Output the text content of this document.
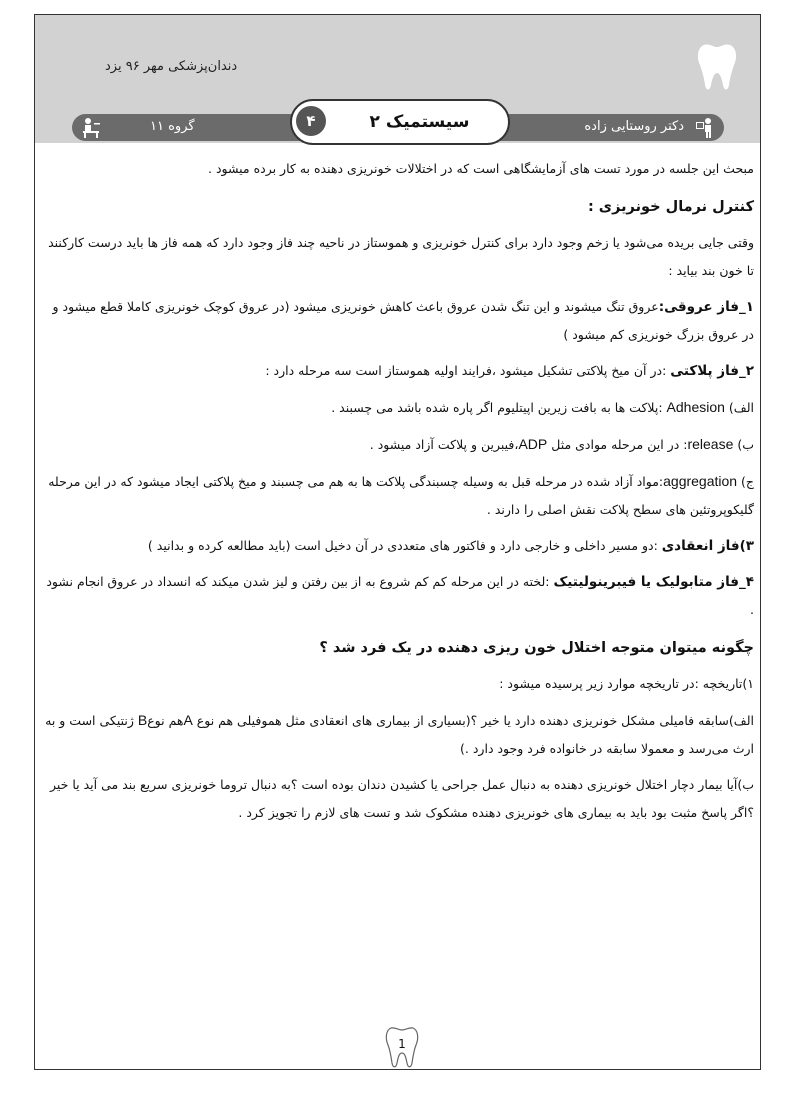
دندان‌پزشکی مهر ۹۶ یزد
گروه ۱۱	دکتر روستایی زاده
۴	سیستمیک ۲

مبحث این جلسه در مورد تست های آزمایشگاهی است که در اختلالات خونریزی دهنده به کار برده میشود .

کنترل نرمال خونریزی :

وقتی جایی بریده می‌شود یا زخم وجود دارد برای کنترل خونریزی و هموستاز در ناحیه چند فاز وجود دارد که همه فاز ها باید درست کارکنند تا خون بند بیاید :

۱_فاز عروقی:عروق تنگ میشوند و این تنگ شدن عروق باعث کاهش خونریزی میشود (در عروق کوچک خونریزی کاملا قطع میشود و در عروق بزرگ خونریزی کم میشود )

۲_فاز پلاکتی :در آن میخ پلاکتی تشکیل میشود ،فرایند اولیه هموستاز است سه مرحله دارد :

الف) Adhesion :پلاکت ها به بافت زیرین اپیتلیوم اگر پاره شده باشد می چسبند .

ب) release: در این مرحله موادی مثل ADP،فیبرین و پلاکت آزاد میشود .

ج) aggregation:مواد آزاد شده در مرحله قبل به وسیله چسبندگی پلاکت ها به هم می چسبند و میخ پلاکتی ایجاد میشود که در این مرحله گلیکوپروتئین های سطح پلاکت نقش اصلی را دارند .

۳)فاز انعقادی :دو مسیر داخلی و خارجی دارد و فاکتور های متعددی در آن دخیل است (باید مطالعه کرده و بدانید )

۴_فاز متابولیک یا فیبرینولیتیک :لخته در این مرحله کم کم شروع به از بین رفتن و لیز شدن میکند که انسداد در عروق انجام نشود .

چگونه میتوان متوجه اختلال خون ریزی دهنده در یک فرد شد ؟

۱)تاریخچه :در تاریخچه موارد زیر پرسیده میشود :

الف)سابقه فامیلی مشکل خونریزی دهنده دارد یا خیر ؟(بسیاری از بیماری های انعقادی مثل هموفیلی هم نوع Aهم نوعB ژنتیکی است و به ارث می‌رسد و معمولا سابقه در خانواده فرد وجود دارد .)

ب)آیا بیمار دچار اختلال خونریزی دهنده به دنبال عمل جراحی یا کشیدن دندان بوده است ؟به دنبال تروما خونریزی سریع بند می آید یا خیر ؟اگر پاسخ مثبت بود باید به بیماری های خونریزی دهنده مشکوک شد و تست های لازم را تجویز کرد .

1
